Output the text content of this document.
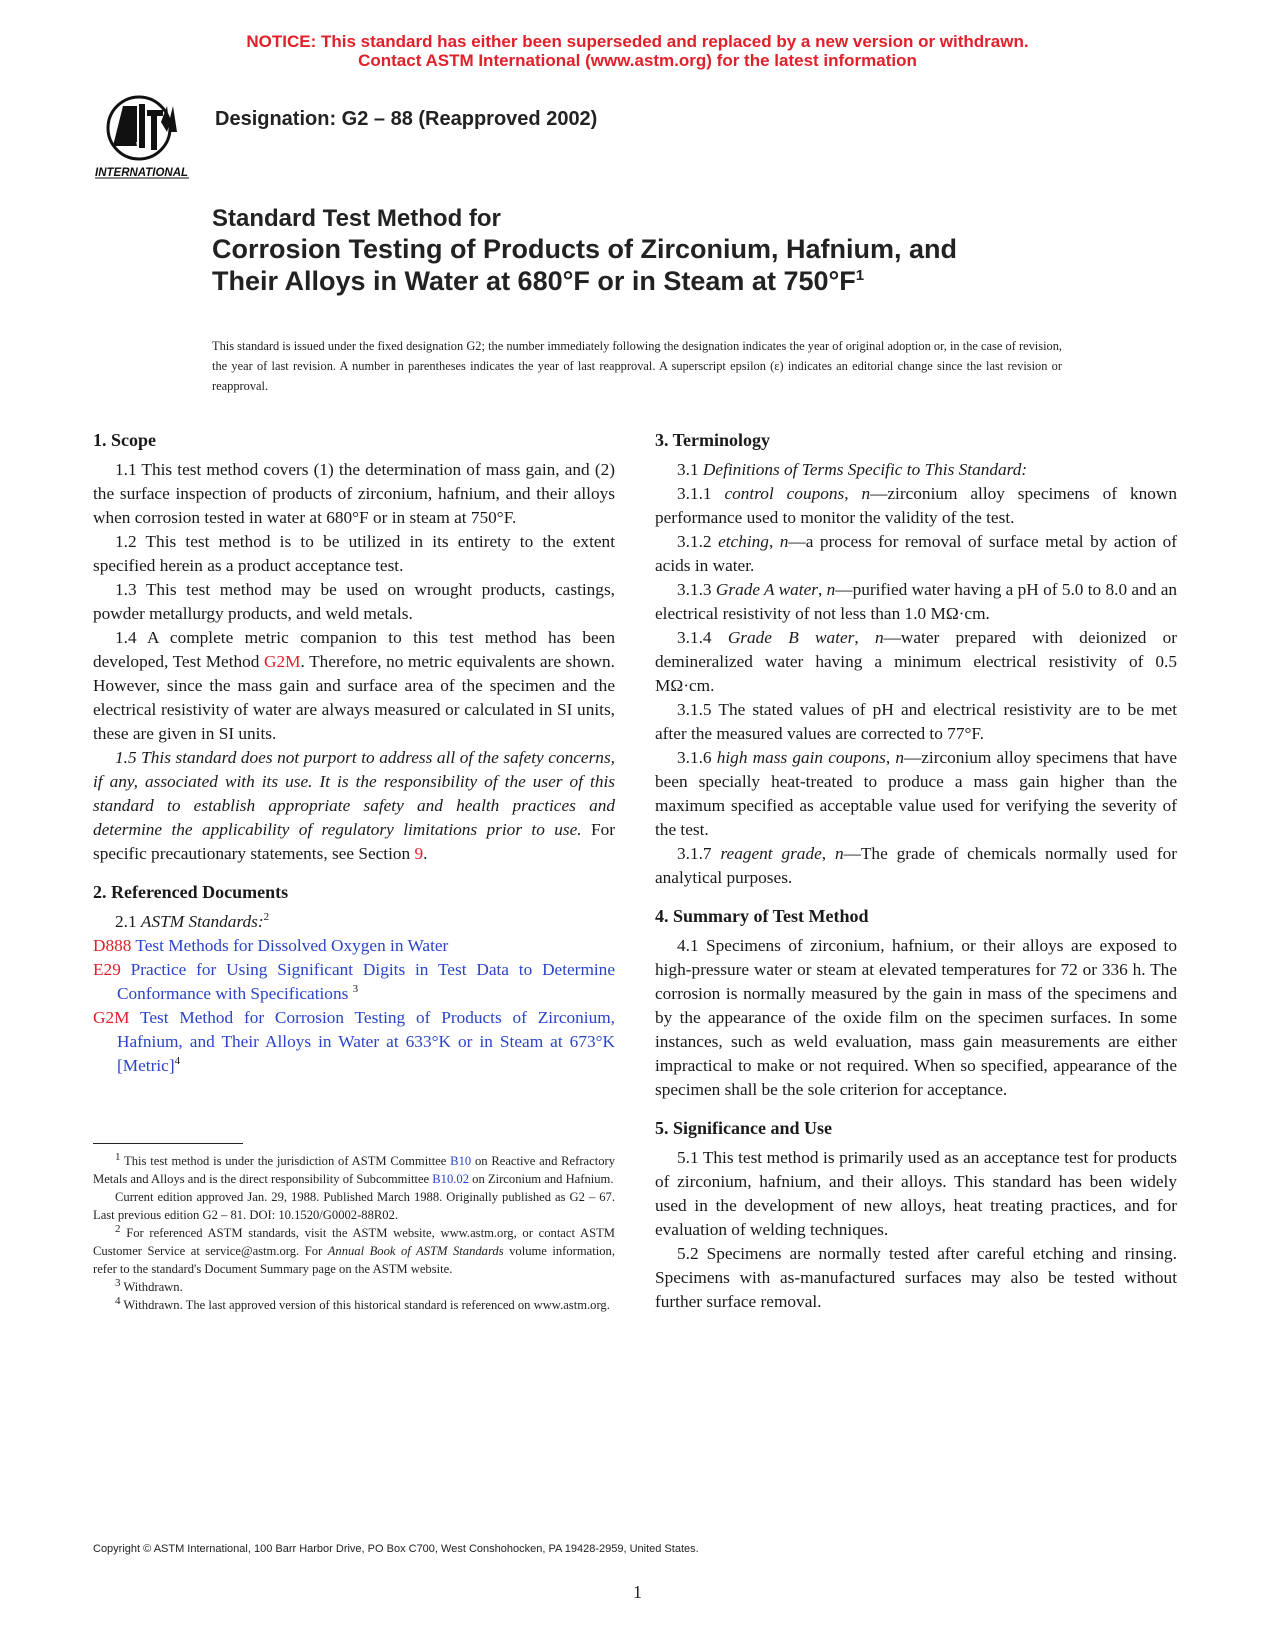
NOTICE: This standard has either been superseded and replaced by a new version or withdrawn.
Contact ASTM International (www.astm.org) for the latest information
INTERNATIONAL
Designation: G2 – 88 (Reapproved 2002)
Standard Test Method for
Corrosion Testing of Products of Zirconium, Hafnium, and
Their Alloys in Water at 680°F or in Steam at $750^\circ F^1$
This standard is issued under the fixed designation G2; the number immediately following the designation indicates the year of original adoption or, in the case of revision, the year of last revision. A number in parentheses indicates the year of last reapproval. A superscript epsilon (ε) indicates an editorial change since the last revision or reapproval.
1. Scope

1.1 This test method covers (1) the determination of mass gain, and (2) the surface inspection of products of zirconium, hafnium, and their alloys when corrosion tested in water at 680°F or in steam at 750°F.

1.2 This test method is to be utilized in its entirety to the extent specified herein as a product acceptance test.

1.3 This test method may be used on wrought products, castings, powder metallurgy products, and weld metals.

1.4 A complete metric companion to this test method has been developed, Test Method G2M. Therefore, no metric equivalents are shown. However, since the mass gain and surface area of the specimen and the electrical resistivity of water are always measured or calculated in SI units, these are given in SI units.

1.5 This standard does not purport to address all of the safety concerns, if any, associated with its use. It is the responsibility of the user of this standard to establish appropriate safety and health practices and determine the applicability of regulatory limitations prior to use. For specific precautionary statements, see Section 9.

2. Referenced Documents

2.1 ASTM Standards:$^2$

D888 Test Methods for Dissolved Oxygen in Water

E29 Practice for Using Significant Digits in Test Data to Determine Conformance with Specifications $^3$

G2M Test Method for Corrosion Testing of Products of Zirconium, Hafnium, and Their Alloys in Water at 633°K or in Steam at 673°K [Metric]$^4$

$^1$ This test method is under the jurisdiction of ASTM Committee B10 on Reactive and Refractory Metals and Alloys and is the direct responsibility of Subcommittee B10.02 on Zirconium and Hafnium.

Current edition approved Jan. 29, 1988. Published March 1988. Originally published as G2 – 67. Last previous edition G2 – 81. DOI: 10.1520/G0002-88R02.

$^2$ For referenced ASTM standards, visit the ASTM website, www.astm.org, or contact ASTM Customer Service at service@astm.org. For Annual Book of ASTM Standards volume information, refer to the standard's Document Summary page on the ASTM website.

$^3$ Withdrawn.

$^4$ Withdrawn. The last approved version of this historical standard is referenced on www.astm.org.

3. Terminology

3.1 Definitions of Terms Specific to This Standard:

3.1.1 control coupons, n—zirconium alloy specimens of known performance used to monitor the validity of the test.

3.1.2 etching, n—a process for removal of surface metal by action of acids in water.

3.1.3 Grade A water, n—purified water having a pH of 5.0 to 8.0 and an electrical resistivity of not less than 1.0 MΩ·cm.

3.1.4 Grade B water, n—water prepared with deionized or demineralized water having a minimum electrical resistivity of 0.5 MΩ·cm.

3.1.5 The stated values of pH and electrical resistivity are to be met after the measured values are corrected to 77°F.

3.1.6 high mass gain coupons, n—zirconium alloy specimens that have been specially heat-treated to produce a mass gain higher than the maximum specified as acceptable value used for verifying the severity of the test.

3.1.7 reagent grade, n—The grade of chemicals normally used for analytical purposes.

4. Summary of Test Method

4.1 Specimens of zirconium, hafnium, or their alloys are exposed to high-pressure water or steam at elevated temperatures for 72 or 336 h. The corrosion is normally measured by the gain in mass of the specimens and by the appearance of the oxide film on the specimen surfaces. In some instances, such as weld evaluation, mass gain measurements are either impractical to make or not required. When so specified, appearance of the specimen shall be the sole criterion for acceptance.

5. Significance and Use

5.1 This test method is primarily used as an acceptance test for products of zirconium, hafnium, and their alloys. This standard has been widely used in the development of new alloys, heat treating practices, and for evaluation of welding techniques.

5.2 Specimens are normally tested after careful etching and rinsing. Specimens with as-manufactured surfaces may also be tested without further surface removal.

Copyright © ASTM International, 100 Barr Harbor Drive, PO Box C700, West Conshohocken, PA 19428-2959, United States.
1
